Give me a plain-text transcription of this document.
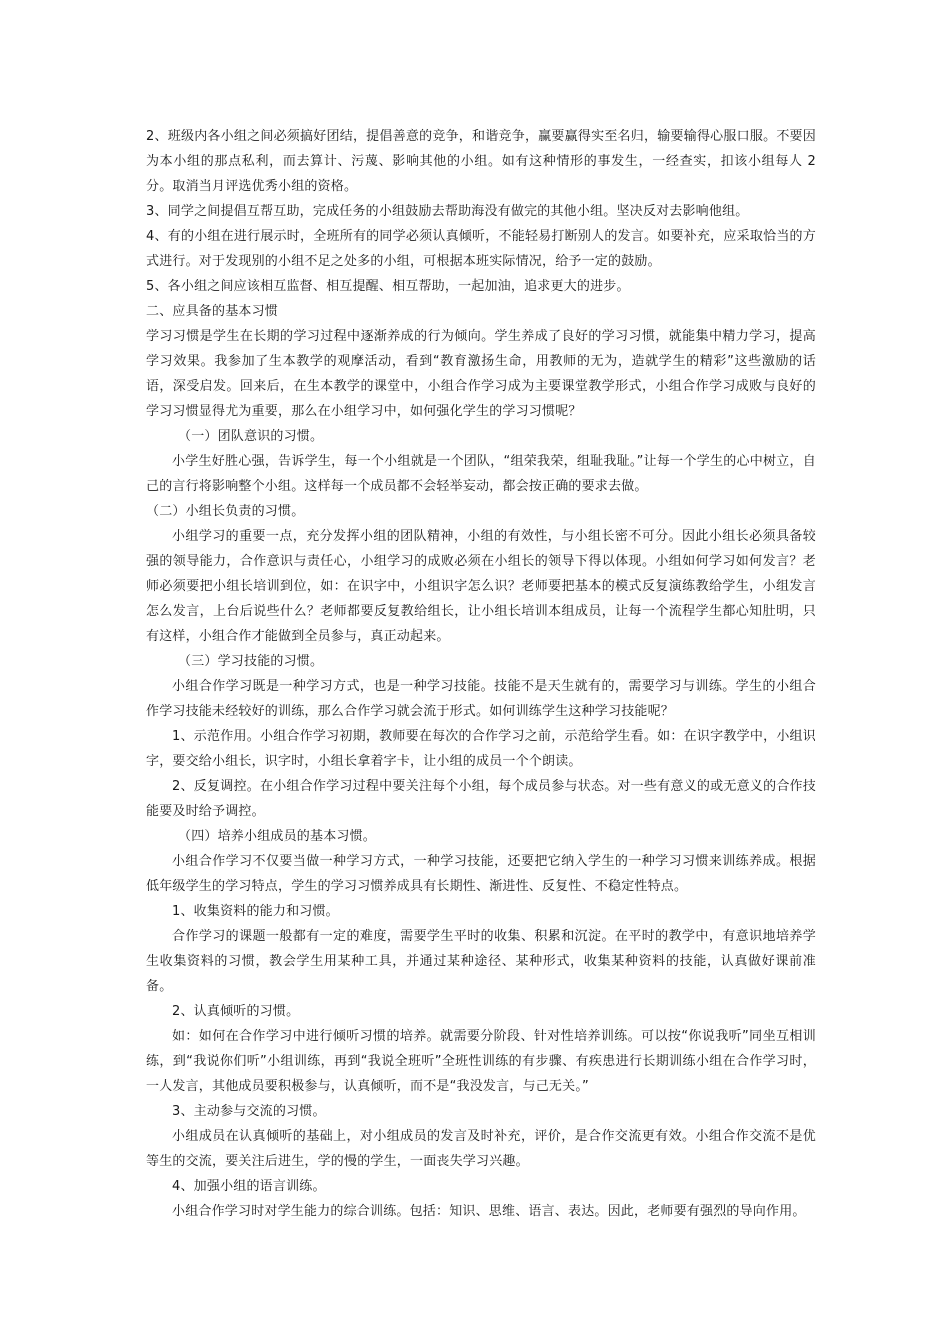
2、班级内各小组之间必须搞好团结，提倡善意的竞争，和谐竞争，赢要赢得实至名归，输要输得心服口服。不要因为本小组的那点私利，而去算计、污蔑、影响其他的小组。如有这种情形的事发生，一经查实，扣该小组每人 2 分。取消当月评选优秀小组的资格。

3、同学之间提倡互帮互助，完成任务的小组鼓励去帮助海没有做完的其他小组。坚决反对去影响他组。

4、有的小组在进行展示时，全班所有的同学必须认真倾听，不能轻易打断别人的发言。如要补充，应采取恰当的方式进行。对于发现别的小组不足之处多的小组，可根据本班实际情况，给予一定的鼓励。

5、各小组之间应该相互监督、相互提醒、相互帮助，一起加油，追求更大的进步。

二、应具备的基本习惯

学习习惯是学生在长期的学习过程中逐渐养成的行为倾向。学生养成了良好的学习习惯，就能集中精力学习，提高学习效果。我参加了生本教学的观摩活动，看到“教育激扬生命，用教师的无为，造就学生的精彩”这些激励的话语，深受启发。回来后，在生本教学的课堂中，小组合作学习成为主要课堂教学形式，小组合作学习成败与良好的学习习惯显得尤为重要，那么在小组学习中，如何强化学生的学习习惯呢？

（一）团队意识的习惯。

小学生好胜心强，告诉学生，每一个小组就是一个团队，“组荣我荣，组耻我耻。”让每一个学生的心中树立，自己的言行将影响整个小组。这样每一个成员都不会轻举妄动，都会按正确的要求去做。

（二）小组长负责的习惯。

小组学习的重要一点，充分发挥小组的团队精神，小组的有效性，与小组长密不可分。因此小组长必须具备较强的领导能力，合作意识与责任心，小组学习的成败必须在小组长的领导下得以体现。小组如何学习如何发言？老师必须要把小组长培训到位，如：在识字中，小组识字怎么识？老师要把基本的模式反复演练教给学生，小组发言怎么发言，上台后说些什么？老师都要反复教给组长，让小组长培训本组成员，让每一个流程学生都心知肚明，只有这样，小组合作才能做到全员参与，真正动起来。

（三）学习技能的习惯。

小组合作学习既是一种学习方式，也是一种学习技能。技能不是天生就有的，需要学习与训练。学生的小组合作学习技能未经较好的训练，那么合作学习就会流于形式。如何训练学生这种学习技能呢？

1、示范作用。小组合作学习初期，教师要在每次的合作学习之前，示范给学生看。如：在识字教学中，小组识字，要交给小组长，识字时，小组长拿着字卡，让小组的成员一个个朗读。

2、反复调控。在小组合作学习过程中要关注每个小组，每个成员参与状态。对一些有意义的或无意义的合作技能要及时给予调控。

（四）培养小组成员的基本习惯。

小组合作学习不仅要当做一种学习方式，一种学习技能，还要把它纳入学生的一种学习习惯来训练养成。根据低年级学生的学习特点，学生的学习习惯养成具有长期性、渐进性、反复性、不稳定性特点。

1、收集资料的能力和习惯。

合作学习的课题一般都有一定的难度，需要学生平时的收集、积累和沉淀。在平时的教学中，有意识地培养学生收集资料的习惯，教会学生用某种工具，并通过某种途径、某种形式，收集某种资料的技能，认真做好课前准备。

2、认真倾听的习惯。

如：如何在合作学习中进行倾听习惯的培养。就需要分阶段、针对性培养训练。可以按“你说我听”同坐互相训练，到“我说你们听”小组训练，再到“我说全班听”全班性训练的有步骤、有疾患进行长期训练小组在合作学习时，一人发言，其他成员要积极参与，认真倾听，而不是“我没发言，与己无关。”

3、主动参与交流的习惯。

小组成员在认真倾听的基础上，对小组成员的发言及时补充，评价，是合作交流更有效。小组合作交流不是优等生的交流，要关注后进生，学的慢的学生，一面丧失学习兴趣。

4、加强小组的语言训练。

小组合作学习时对学生能力的综合训练。包括：知识、思维、语言、表达。因此，老师要有强烈的导向作用。
